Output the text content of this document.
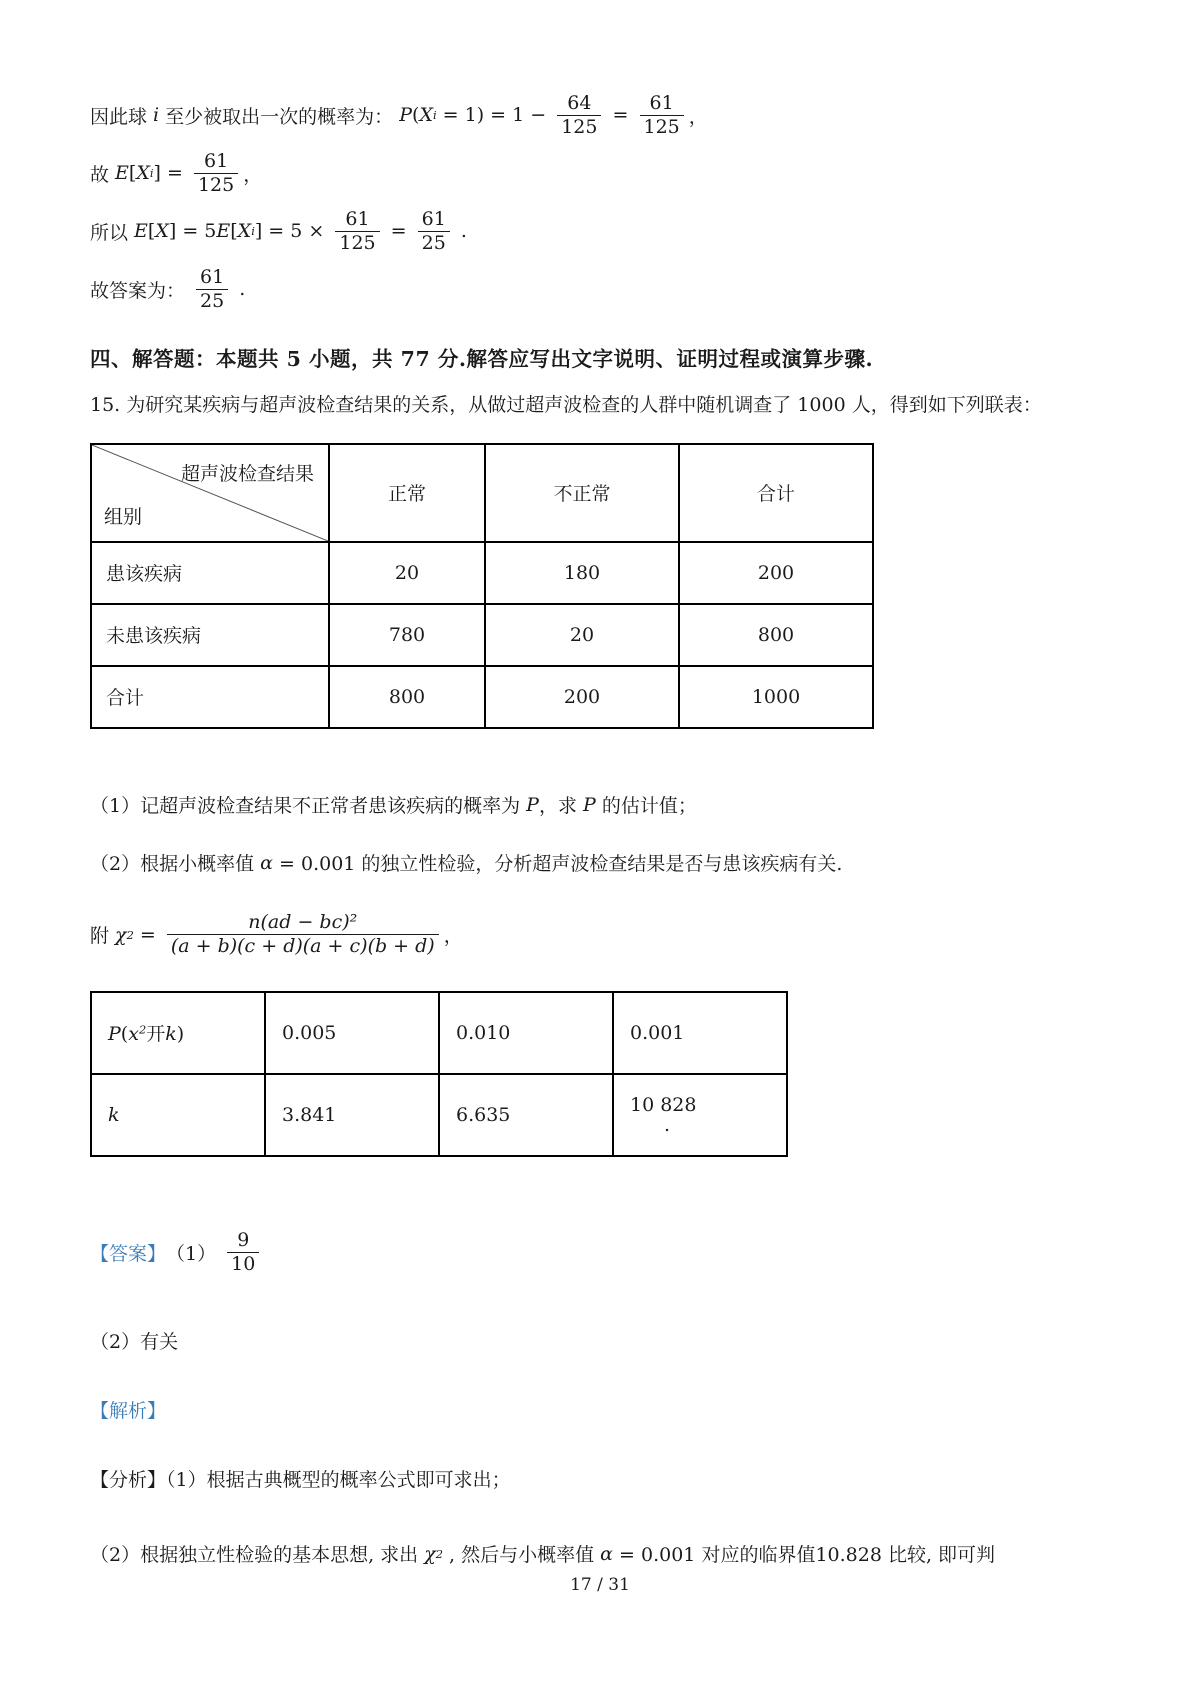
因此球 i 至少被取出一次的概率为： P ( X $i = 1) = 1 - \frac{64}{125} = \frac{61}{125}$ ，
故 E [ X i ] = $\frac{61}{125}$ ，
所以 E [ X ] = 5 E [ X i ] = $5 \times \frac{61}{125} = \frac{61}{25}$ .
故答案为： $\frac{61}{25}$ .
四、解答题：本题共 5 小题，共 77 分.解答应写出文字说明、证明过程或演算步骤.

15. 为研究某疾病与超声波检查结果的关系，从做过超声波检查的人群中随机调查了 1000 人，得到如下列联表：

超声波检查结果
组别	正常	不正常	合计
患该疾病	20	180	200
未患该疾病	780	20	800
合计	800	200	1000
（1）记超声波检查结果不正常者患该疾病的概率为 P ，求 P 的估计值；
（2）根据小概率值 α = 0.001 的独立性检验，分析超声波检查结果是否与患该疾病有关.
附 χ $2 = \frac{\text{n(ad − bc)²}}{(a + b)(c + d)(a + c)(b + d)}$ ，
$P(x^2$开k)	0.005	0.010	0.001
k	3.841	6.635	10 828
.
【答案】 $(1) \frac{9}{10}$
（2）有关
【解析】
【分析】（1）根据古典概型的概率公式即可求出；
（2）根据独立性检验的基本思想, 求出 χ 2 , 然后与小概率值 α = 0.001 对应的临界值10.828 比较, 即可判
17 / 31
